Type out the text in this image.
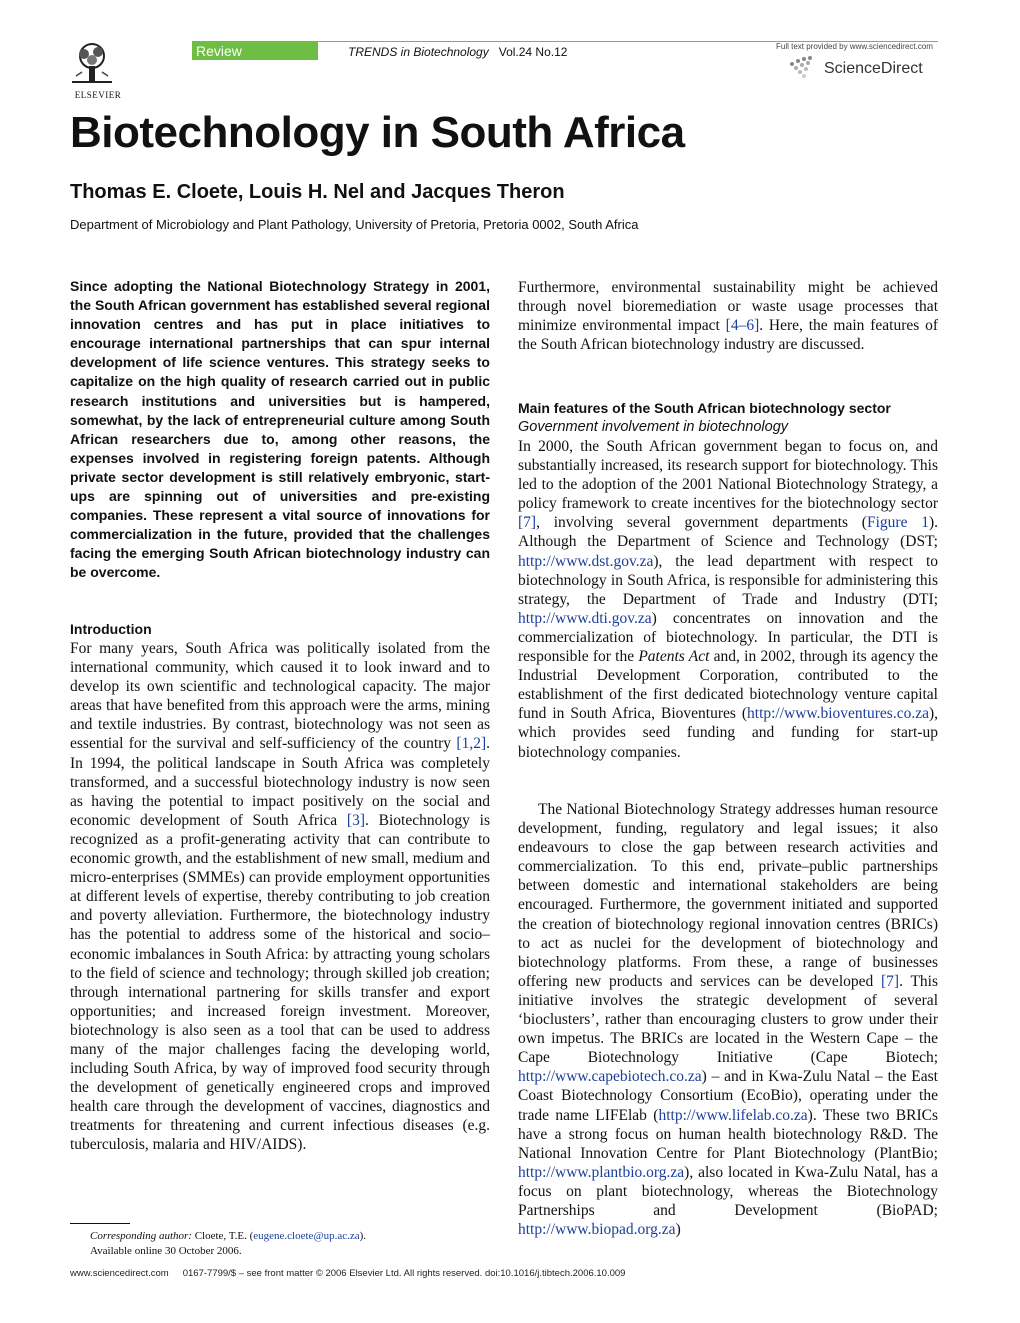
ELSEVIER
Review	TRENDS in Biotechnology Vol.24 No.12	Full text provided by www.sciencedirect.com
ScienceDirect
Biotechnology in South Africa
Thomas E. Cloete, Louis H. Nel and Jacques Theron
Department of Microbiology and Plant Pathology, University of Pretoria, Pretoria 0002, South Africa

Since adopting the National Biotechnology Strategy in 2001, the South African government has established several regional innovation centres and has put in place initiatives to encourage international partnerships that can spur internal development of life science ventures. This strategy seeks to capitalize on the high quality of research carried out in public research institutions and universities but is hampered, somewhat, by the lack of entrepreneurial culture among South African researchers due to, among other reasons, the expenses involved in registering foreign patents. Although private sector development is still relatively embryonic, start-ups are spinning out of universities and pre-existing companies. These represent a vital source of innovations for commercialization in the future, provided that the challenges facing the emerging South African biotechnology industry can be overcome.

Introduction

For many years, South Africa was politically isolated from the international community, which caused it to look inward and to develop its own scientific and technological capacity. The major areas that have benefited from this approach were the arms, mining and textile industries. By contrast, biotechnology was not seen as essential for the survival and self-sufficiency of the country [1,2]. In 1994, the political landscape in South Africa was completely transformed, and a successful biotechnology industry is now seen as having the potential to impact positively on the social and economic development of South Africa [3]. Biotechnology is recognized as a profit-generating activity that can contribute to economic growth, and the establishment of new small, medium and micro-enterprises (SMMEs) can provide employment opportunities at different levels of expertise, thereby contributing to job creation and poverty alleviation. Furthermore, the biotechnology industry has the potential to address some of the historical and socio–economic imbalances in South Africa: by attracting young scholars to the field of science and technology; through skilled job creation; through international partnering for skills transfer and export opportunities; and increased foreign investment. Moreover, biotechnology is also seen as a tool that can be used to address many of the major challenges facing the developing world, including South Africa, by way of improved food security through the development of genetically engineered crops and improved health care through the development of vaccines, diagnostics and treatments for threatening and current infectious diseases (e.g. tuberculosis, malaria and HIV/AIDS).

Furthermore, environmental sustainability might be achieved through novel bioremediation or waste usage processes that minimize environmental impact [4–6]. Here, the main features of the South African biotechnology industry are discussed.

Main features of the South African biotechnology sector
Government involvement in biotechnology

In 2000, the South African government began to focus on, and substantially increased, its research support for biotechnology. This led to the adoption of the 2001 National Biotechnology Strategy, a policy framework to create incentives for the biotechnology sector [7], involving several government departments (Figure 1). Although the Department of Science and Technology (DST; http://www.dst.gov.za), the lead department with respect to biotechnology in South Africa, is responsible for administering this strategy, the Department of Trade and Industry (DTI; http://www.dti.gov.za) concentrates on innovation and the commercialization of biotechnology. In particular, the DTI is responsible for the Patents Act and, in 2002, through its agency the Industrial Development Corporation, contributed to the establishment of the first dedicated biotechnology venture capital fund in South Africa, Bioventures (http://www.bioventures.co.za), which provides seed funding and funding for start-up biotechnology companies.

The National Biotechnology Strategy addresses human resource development, funding, regulatory and legal issues; it also endeavours to close the gap between research activities and commercialization. To this end, private–public partnerships between domestic and international stakeholders are being encouraged. Furthermore, the government initiated and supported the creation of biotechnology regional innovation centres (BRICs) to act as nuclei for the development of biotechnology and biotechnology platforms. From these, a range of businesses offering new products and services can be developed [7]. This initiative involves the strategic development of several ‘bioclusters’, rather than encouraging clusters to grow under their own impetus. The BRICs are located in the Western Cape – the Cape Biotechnology Initiative (Cape Biotech; http://www.capebiotech.co.za) – and in Kwa-Zulu Natal – the East Coast Biotechnology Consortium (EcoBio), operating under the trade name LIFElab (http://www.lifelab.co.za). These two BRICs have a strong focus on human health biotechnology R&D. The National Innovation Centre for Plant Biotechnology (PlantBio; http://www.plantbio.org.za), also located in Kwa-Zulu Natal, has a focus on plant biotechnology, whereas the Biotechnology Partnerships and Development (BioPAD; http://www.biopad.org.za)

Corresponding author: Cloete, T.E. (eugene.cloete@up.ac.za).
Available online 30 October 2006.
www.sciencedirect.com 0167-7799/$ – see front matter © 2006 Elsevier Ltd. All rights reserved. doi:10.1016/j.tibtech.2006.10.009
